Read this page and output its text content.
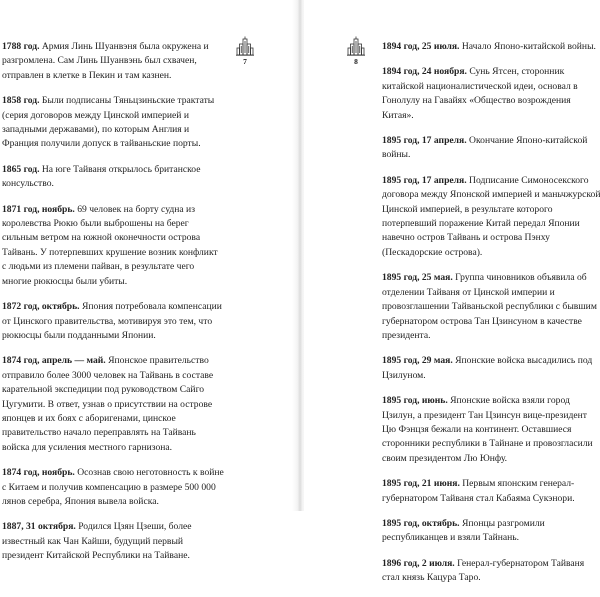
1788 год. Армия Линь Шуанвэня была окружена и разгромлена. Сам Линь Шуанвэнь был схвачен, отправлен в клетке в Пекин и там казнен.

1858 год. Были подписаны Тяньцзиньские трактаты (серия договоров между Цинской империей и западными державами), по которым Англия и Франция получили допуск в тайваньские порты.

1865 год. На юге Тайваня открылось британское консульство.

1871 год, ноябрь. 69 человек на борту судна из королевства Рюкю были выброшены на берег сильным ветром на южной оконечности острова Тайвань. У потерпевших крушение возник конфликт с людьми из племени пайван, в результате чего многие рюкюсцы были убиты.

1872 год, октябрь. Япония потребовала компенсации от Цинского правительства, мотивируя это тем, что рюкюсцы были подданными Японии.

1874 год, апрель — май. Японское правительство отправило более 3000 человек на Тайвань в составе карательной экспедиции под руководством Сайго Цугумити. В ответ, узнав о присутствии на острове японцев и их боях с аборигенами, цинское правительство начало переправлять на Тайвань войска для усиления местного гарнизона.

1874 год, ноябрь. Осознав свою неготовность к войне с Китаем и получив компенсацию в размере 500 000 лянов серебра, Япония вывела войска.

1887, 31 октября. Родился Цзян Цзеши, более известный как Чан Кайши, будущий первый президент Китайской Республики на Тайване.

7	8

1894 год, 25 июля. Начало Японо-китайской войны.

1894 год, 24 ноября. Сунь Ятсен, сторонник китайской националистической идеи, основал в Гонолулу на Гавайях «Общество возрождения Китая».

1895 год, 17 апреля. Окончание Японо-китайской войны.

1895 год, 17 апреля. Подписание Симоносекского договора между Японской империей и маньчжурской Цинской империей, в результате которого потерпевший поражение Китай передал Японии навечно остров Тайвань и острова Пэнху (Пескадорские острова).

1895 год, 25 мая. Группа чиновников объявила об отделении Тайваня от Цинской империи и провозглашении Тайваньской республики с бывшим губернатором острова Тан Цзинсуном в качестве президента.

1895 год, 29 мая. Японские войска высадились под Цзилуном.

1895 год, июнь. Японские войска взяли город Цзилун, а президент Тан Цзинсун вице-президент Цю Фэнцзя бежали на континент. Оставшиеся сторонники республики в Тайнане и провозгласили своим президентом Лю Юнфу.

1895 год, 21 июня. Первым японским генерал-губернатором Тайваня стал Кабаяма Сукэнори.

1895 год, октябрь. Японцы разгромили республиканцев и взяли Тайнань.

1896 год, 2 июля. Генерал-губернатором Тайваня стал князь Кацура Таро.
